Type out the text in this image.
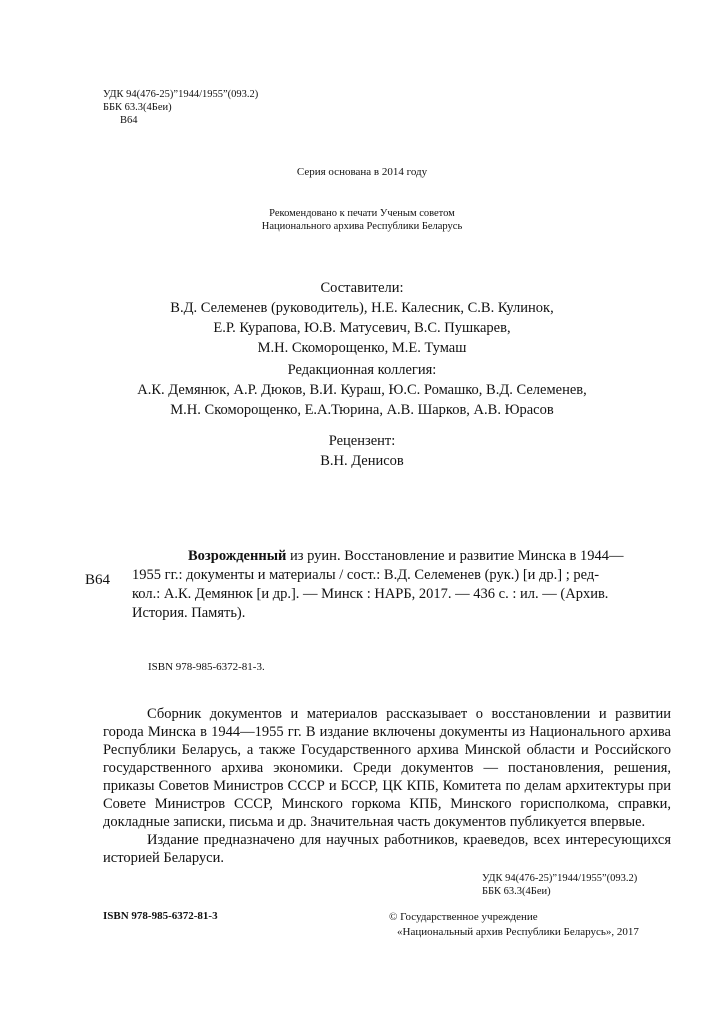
УДК 94(476-25)”1944/1955”(093.2)
ББК 63.3(4Беи)
В64
Серия основана в 2014 году
Рекомендовано к печати Ученым советом
Национального архива Республики Беларусь
Составители:
В.Д. Селеменев (руководитель), Н.Е. Калесник, С.В. Кулинок,
Е.Р. Курапова, Ю.В. Матусевич, В.С. Пушкарев,
М.Н. Скоморощенко, М.Е. Тумаш
Редакционная коллегия:
А.К. Демянюк, А.Р. Дюков, В.И. Кураш, Ю.С. Ромашко, В.Д. Селеменев,
М.Н. Скоморощенко, Е.А.Тюрина, А.В. Шарков, А.В. Юрасов
Рецензент:
В.Н. Денисов
В64
Возрожденный из руин. Восстановление и развитие Минска в 1944—
1955 гг.: документы и материалы / сост.: В.Д. Селеменев (рук.) [и др.] ; ред-
кол.: А.К. Демянюк [и др.]. — Минск : НАРБ, 2017. — 436 с. : ил. — (Архив.
История. Память).
ISBN 978-985-6372-81-3.

Сборник документов и материалов рассказывает о восстановлении и развитии города Минска в 1944—1955 гг. В издание включены документы из Национального архива Республики Беларусь, а также Государственного архива Минской области и Российского государственного архива экономики. Среди документов — постановления, решения, приказы Советов Министров СССР и БССР, ЦК КПБ, Комитета по делам архитектуры при Совете Министров СССР, Минского горкома КПБ, Минского горисполкома, справки, докладные записки, письма и др. Значительная часть документов публикуется впервые.

Издание предназначено для научных работников, краеведов, всех интересующихся историей Беларуси.

УДК 94(476-25)”1944/1955”(093.2)
ББК 63.3(4Беи)
ISBN 978-985-6372-81-3	© Государственное учреждение
«Национальный архив Республики Беларусь», 2017
